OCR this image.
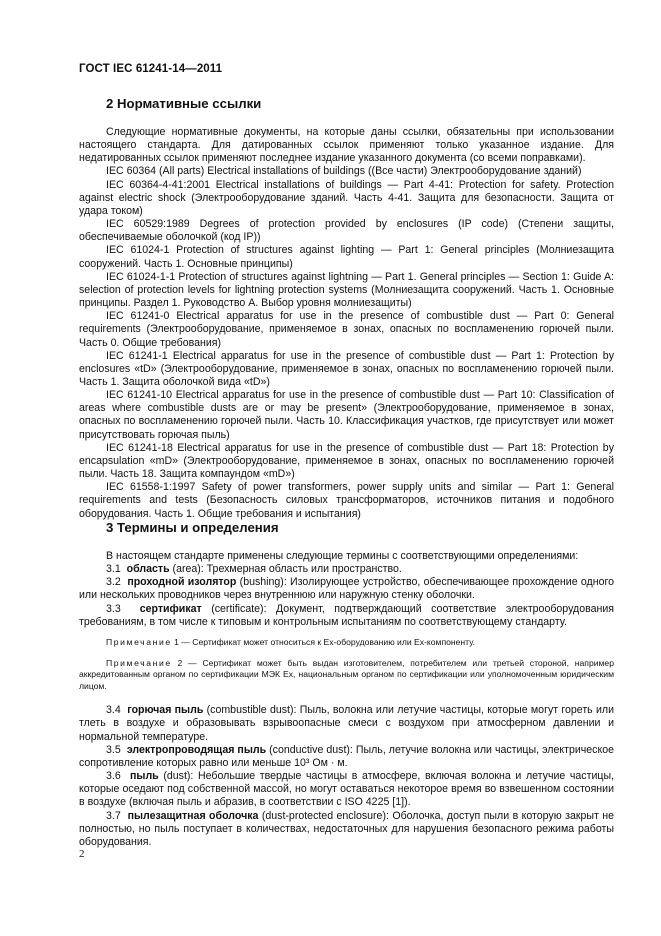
ГОСТ IEC 61241-14—2011
2 Нормативные ссылки

Следующие нормативные документы, на которые даны ссылки, обязательны при использовании настоящего стандарта. Для датированных ссылок применяют только указанное издание. Для недатированных ссылок применяют последнее издание указанного документа (со всеми поправками).

IEC 60364 (All parts) Electrical installations of buildings ((Все части) Электрооборудование зданий)

IEC 60364-4-41:2001 Electrical installations of buildings — Part 4-41: Protection for safety. Protection against electric shock (Электрооборудование зданий. Часть 4-41. Защита для безопасности. Защита от удара током)

IEC 60529:1989 Degrees of protection provided by enclosures (IP code) (Степени защиты, обеспечиваемые оболочкой (код IP))

IEC 61024-1 Protection of structures against lighting — Part 1: General principles (Молниезащита сооружений. Часть 1. Основные принципы)

IEC 61024-1-1 Protection of structures against lightning — Part 1. General principles — Section 1: Guide A: selection of protection levels for lightning protection systems (Молниезащита сооружений. Часть 1. Основные принципы. Раздел 1. Руководство А. Выбор уровня молниезащиты)

IEC 61241-0 Electrical apparatus for use in the presence of combustible dust — Part 0: General requirements (Электрооборудование, применяемое в зонах, опасных по воспламенению горючей пыли. Часть 0. Общие требования)

IEC 61241-1 Electrical apparatus for use in the presence of combustible dust — Part 1: Protection by enclosures «tD» (Электрооборудование, применяемое в зонах, опасных по воспламенению горючей пыли. Часть 1. Защита оболочкой вида «tD»)

IEC 61241-10 Electrical apparatus for use in the presence of combustible dust — Part 10: Classification of areas where combustible dusts are or may be present» (Электрооборудование, применяемое в зонах, опасных по воспламенению горючей пыли. Часть 10. Классификация участков, где присутствует или может присутствовать горючая пыль)

IEC 61241-18 Electrical apparatus for use in the presence of combustible dust — Part 18: Protection by encapsulation «mD» (Электрооборудование, применяемое в зонах, опасных по воспламенению горючей пыли. Часть 18. Защита компаундом «mD»)

IEC 61558-1:1997 Safety of power transformers, power supply units and similar — Part 1: General requirements and tests (Безопасность силовых трансформаторов, источников питания и подобного оборудования. Часть 1. Общие требования и испытания)

3 Термины и определения

В настоящем стандарте применены следующие термины с соответствующими определениями:

3.1 область (area): Трехмерная область или пространство.

3.2 проходной изолятор (bushing): Изолирующее устройство, обеспечивающее прохождение одного или нескольких проводников через внутреннюю или наружную стенку оболочки.

3.3 сертификат (certificate): Документ, подтверждающий соответствие электрооборудования требованиям, в том числе к типовым и контрольным испытаниям по соответствующему стандарту.

Примечание 1 — Сертификат может относиться к Ex-оборудованию или Ex-компоненту.

Примечание 2 — Сертификат может быть выдан изготовителем, потребителем или третьей стороной, например аккредитованным органом по сертификации МЭК Ex, национальным органом по сертификации или уполномоченным юридическим лицом.

3.4 горючая пыль (combustible dust): Пыль, волокна или летучие частицы, которые могут гореть или тлеть в воздухе и образовывать взрывоопасные смеси с воздухом при атмосферном давлении и нормальной температуре.

3.5 электропроводящая пыль (conductive dust): Пыль, летучие волокна или частицы, электрическое сопротивление которых равно или меньше 10³ Ом · м.

3.6 пыль (dust): Небольшие твердые частицы в атмосфере, включая волокна и летучие частицы, которые оседают под собственной массой, но могут оставаться некоторое время во взвешенном состоянии в воздухе (включая пыль и абразив, в соответствии с ISO 4225 [1]).

3.7 пылезащитная оболочка (dust-protected enclosure): Оболочка, доступ пыли в которую закрыт не полностью, но пыль поступает в количествах, недостаточных для нарушения безопасного режима работы оборудования.

2
